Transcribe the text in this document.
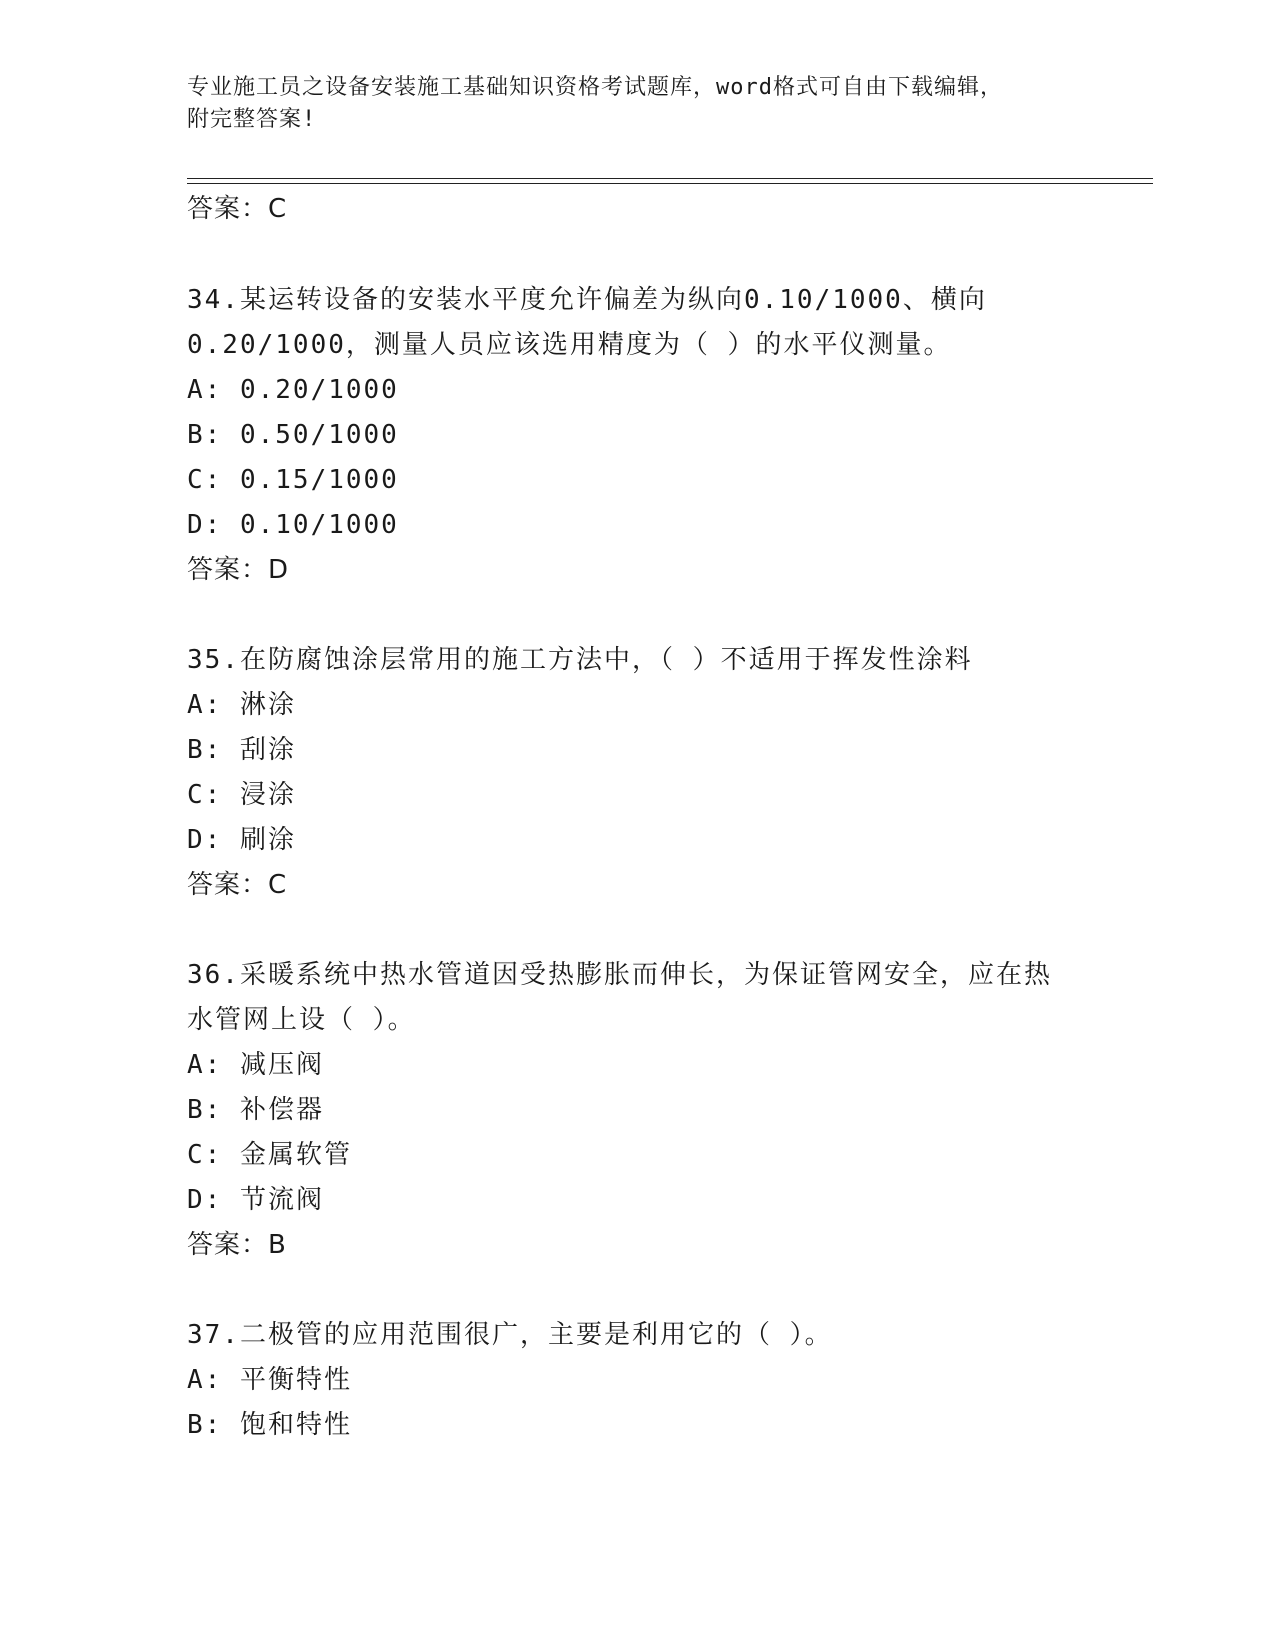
专业施工员之设备安装施工基础知识资格考试题库，word格式可自由下载编辑，
附完整答案!
答案：C
34.某运转设备的安装水平度允许偏差为纵向0.10/1000、横向
0.20/1000，测量人员应该选用精度为（ ）的水平仪测量。
A: 0.20/1000
B: 0.50/1000
C: 0.15/1000
D: 0.10/1000
答案：D
35.在防腐蚀涂层常用的施工方法中，（ ）不适用于挥发性涂料
A: 淋涂
B: 刮涂
C: 浸涂
D: 刷涂
答案：C
36.采暖系统中热水管道因受热膨胀而伸长，为保证管网安全，应在热
水管网上设（ ）。
A: 减压阀
B: 补偿器
C: 金属软管
D: 节流阀
答案：B
37.二极管的应用范围很广，主要是利用它的（ ）。
A: 平衡特性
B: 饱和特性
